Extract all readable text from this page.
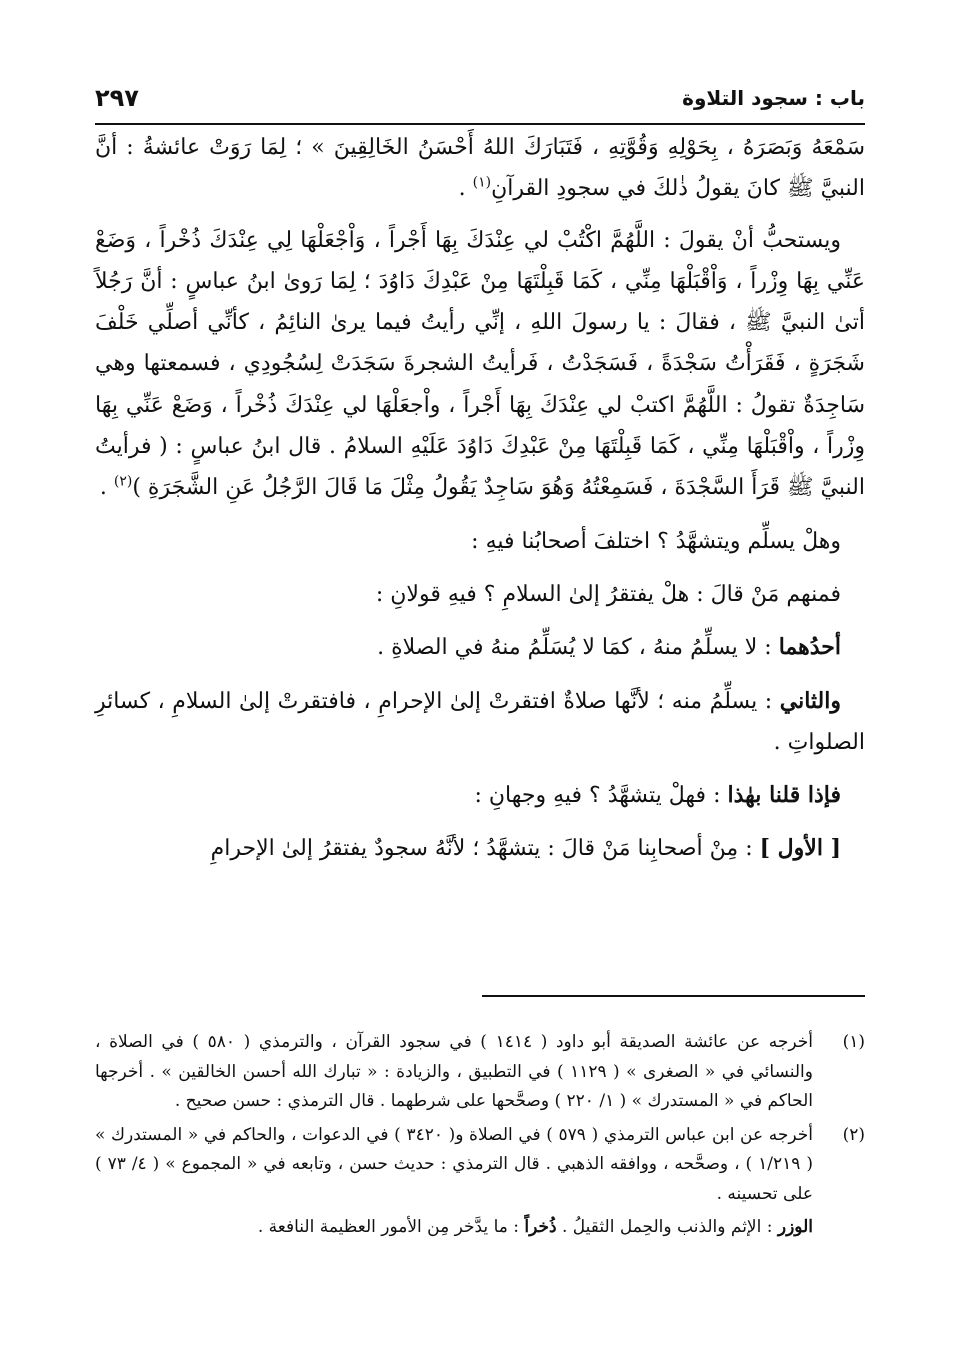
باب : سجود التلاوة
٢٩٧

سَمْعَهُ وَبَصَرَهُ ، بِحَوْلِهِ وَقُوَّتِهِ ، فَتَبَارَكَ اللهُ أَحْسَنُ الخَالِقِينَ » ؛ لِمَا رَوَتْ عائشةُ : أنَّ النبيَّ ﷺ كانَ يقولُ ذٰلكَ في سجودِ القرآنِ$^{(١)}$ .

ويستحبُّ أنْ يقولَ : اللَّهُمَّ اكْتُبْ لي عِنْدَكَ بِهَا أَجْراً ، وَاْجْعَلْهَا لِي عِنْدَكَ ذُخْراً ، وَضَعْ عَنِّي بِهَا وِزْراً ، وَاْقْبَلْهَا مِنِّي ، كَمَا قَبِلْتَهَا مِنْ عَبْدِكَ دَاوُدَ ؛ لِمَا رَوىٰ ابنُ عباسٍ : أنَّ رَجُلاً أتىٰ النبيَّ ﷺ ، فقالَ : يا رسولَ اللهِ ، إنِّي رأيتُ فيما يرىٰ النائِمُ ، كأنِّي أصلِّي خَلْفَ شَجَرَةٍ ، فَقَرَأْتُ سَجْدَةً ، فَسَجَدْتُ ، فَرأيتُ الشجرةَ سَجَدَتْ لِسُجُودِي ، فسمعتها وهي سَاجِدَةٌ تقولُ : اللَّهُمَّ اكتبْ لي عِنْدَكَ بِهَا أَجْراً ، واْجعَلْهَا لي عِنْدَكَ ذُخْراً ، وَضَعْ عَنِّي بِهَا وِزْراً ، واْقْبَلْهَا مِنِّي ، كَمَا قَبِلْتَهَا مِنْ عَبْدِكَ دَاوُدَ عَلَيْهِ السلامُ . قال ابنُ عباسٍ : ( فرأيتُ النبيَّ ﷺ قَرَأَ السَّجْدَةَ ، فَسَمِعْتُهُ وَهُوَ سَاجِدٌ يَقُولُ مِثْلَ مَا قَالَ الرَّجُلُ عَنِ الشَّجَرَةِ )$^{(٢)}$ .

وهلْ يسلِّم ويتشهَّدُ ؟ اختلفَ أصحابُنا فيهِ :

فمنهم مَنْ قالَ : هلْ يفتقرُ إلىٰ السلامِ ؟ فيهِ قولانِ :

أحدُهما : لا يسلِّمُ منهُ ، كمَا لا يُسَلِّمُ منهُ في الصلاةِ .

والثاني : يسلِّمُ منه ؛ لأنَّها صلاةٌ افتقرتْ إلىٰ الإحرامِ ، فافتقرتْ إلىٰ السلامِ ، كسائرِ الصلواتِ .

فإذا قلنا بهٰذا : فهلْ يتشهَّدُ ؟ فيهِ وجهانِ :

[ الأول ] : مِنْ أصحابِنا مَنْ قالَ : يتشهَّدُ ؛ لأنَّهُ سجودٌ يفتقرُ إلىٰ الإحرامِ

(١)
أخرجه عن عائشة الصديقة أبو داود ( ١٤١٤ ) في سجود القرآن ، والترمذي ( ٥٨٠ ) في الصلاة ، والنسائي في « الصغرى » ( ١١٢٩ ) في التطبيق ، والزيادة : « تبارك الله أحسن الخالقين » . أخرجها الحاكم في « المستدرك » ( ١/ ٢٢٠ ) وصحَّحها على شرطهما . قال الترمذي : حسن صحيح .
(٢)
أخرجه عن ابن عباس الترمذي ( ٥٧٩ ) في الصلاة و( ٣٤٢٠ ) في الدعوات ، والحاكم في « المستدرك » ( ١/٢١٩ ) ، وصحَّحه ، ووافقه الذهبي . قال الترمذي : حديث حسن ، وتابعه في « المجموع » ( ٤/ ٧٣ ) على تحسينه .
الوزر : الإثم والذنب والحِمل الثقيلُ . ذُخراً : ما يدَّخر مِن الأمور العظيمة النافعة .
